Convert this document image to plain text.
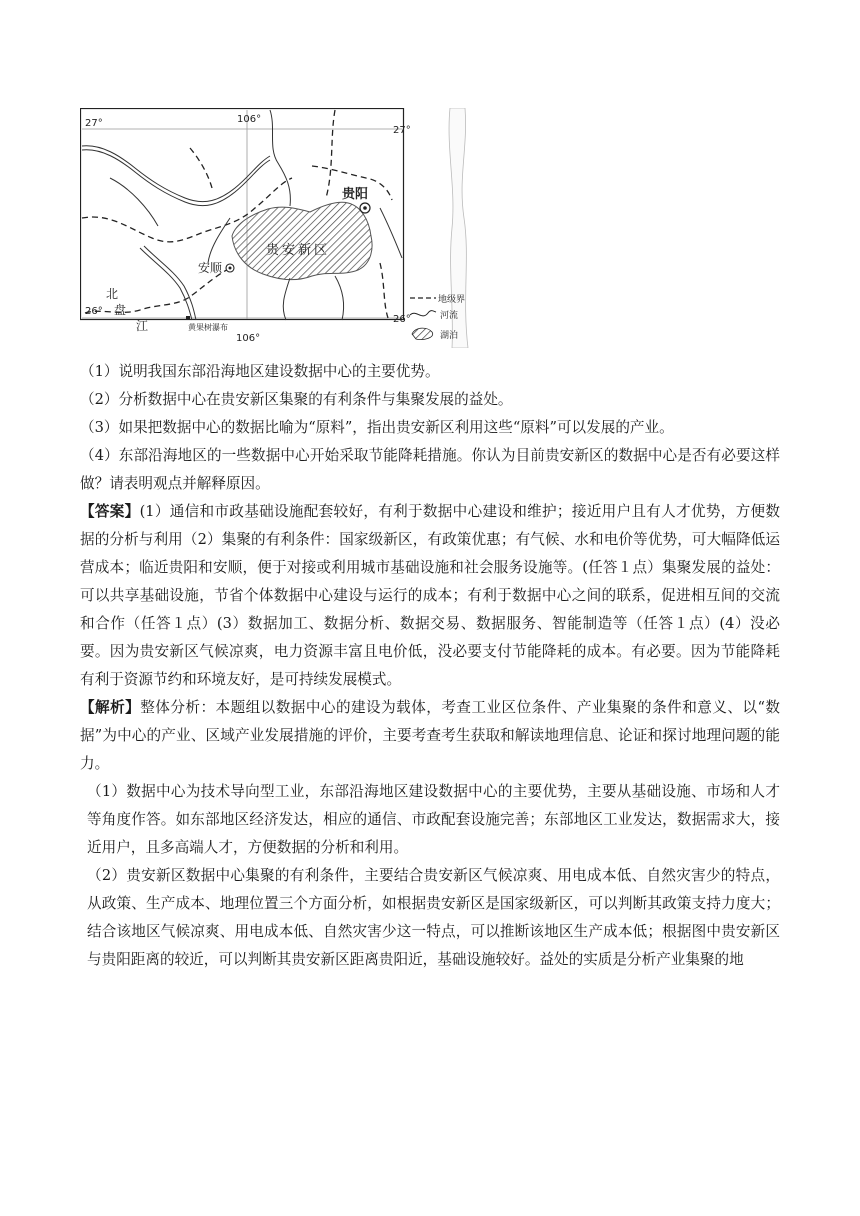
106°
106°
27°
27°
26°
26°
贵阳
安顺
贵安新区
北
盘
江	黄果树瀑布
地级界
河流
湖泊
（1）说明我国东部沿海地区建设数据中心的主要优势。
（2）分析数据中心在贵安新区集聚的有利条件与集聚发展的益处。
（3）如果把数据中心的数据比喻为“原料”，指出贵安新区利用这些“原料”可以发展的产业。

（4）东部沿海地区的一些数据中心开始采取节能降耗措施。你认为目前贵安新区的数据中心是否有必要这样做？请表明观点并解释原因。

【答案】(1）通信和市政基础设施配套较好，有利于数据中心建设和维护；接近用户且有人才优势，方便数据的分析与利用（2）集聚的有利条件：国家级新区，有政策优惠；有气候、水和电价等优势，可大幅降低运营成本；临近贵阳和安顺，便于对接或利用城市基础设施和社会服务设施等。(任答１点）集聚发展的益处：可以共享基础设施，节省个体数据中心建设与运行的成本；有利于数据中心之间的联系，促进相互间的交流和合作（任答１点）(3）数据加工、数据分析、数据交易、数据服务、智能制造等（任答１点）(4）没必要。因为贵安新区气候凉爽，电力资源丰富且电价低，没必要支付节能降耗的成本。有必要。因为节能降耗有利于资源节约和环境友好，是可持续发展模式。

【解析】整体分析：本题组以数据中心的建设为载体，考查工业区位条件、产业集聚的条件和意义、以“数据”为中心的产业、区域产业发展措施的评价，主要考查考生获取和解读地理信息、论证和探讨地理问题的能力。

（1）数据中心为技术导向型工业，东部沿海地区建设数据中心的主要优势，主要从基础设施、市场和人才等角度作答。如东部地区经济发达，相应的通信、市政配套设施完善；东部地区工业发达，数据需求大，接近用户，且多高端人才，方便数据的分析和利用。

（2）贵安新区数据中心集聚的有利条件，主要结合贵安新区气候凉爽、用电成本低、自然灾害少的特点，从政策、生产成本、地理位置三个方面分析，如根据贵安新区是国家级新区，可以判断其政策支持力度大；结合该地区气候凉爽、用电成本低、自然灾害少这一特点，可以推断该地区生产成本低；根据图中贵安新区与贵阳距离的较近，可以判断其贵安新区距离贵阳近，基础设施较好。益处的实质是分析产业集聚的地
